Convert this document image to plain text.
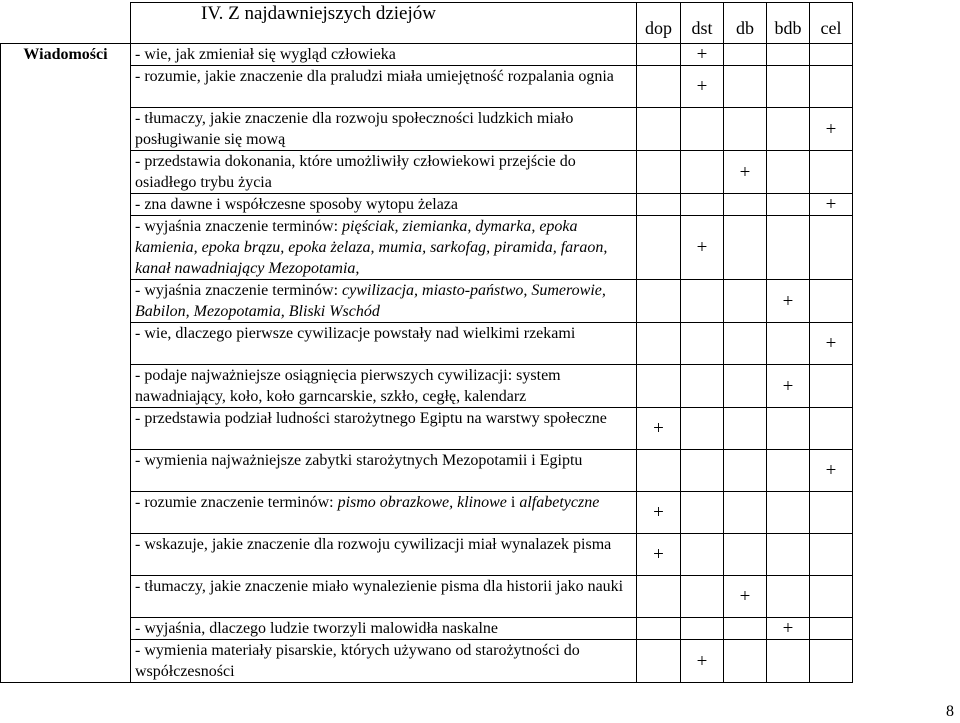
	IV. Z najdawniejszych dziejów	dop	dst	db	bdb	cel
Wiadomości	- wie, jak zmieniał się wygląd człowieka		+			
	- rozumie, jakie znaczenie dla praludzi miała umiejętność rozpalania ognia		+			
	- tłumaczy, jakie znaczenie dla rozwoju społeczności ludzkich miało posługiwanie się mową					+
	- przedstawia dokonania, które umożliwiły człowiekowi przejście do osiadłego trybu życia			+		
	- zna dawne i współczesne sposoby wytopu żelaza					+
	- wyjaśnia znaczenie terminów: pięściak, ziemianka, dymarka, epoka kamienia, epoka brązu, epoka żelaza, mumia, sarkofag, piramida, faraon, kanał nawadniający Mezopotamia,		+			
	- wyjaśnia znaczenie terminów: cywilizacja, miasto-państwo, Sumerowie, Babilon, Mezopotamia, Bliski Wschód				+	
	- wie, dlaczego pierwsze cywilizacje powstały nad wielkimi rzekami					+
	- podaje najważniejsze osiągnięcia pierwszych cywilizacji: system nawadniający, koło, koło garncarskie, szkło, cegłę, kalendarz				+	
	- przedstawia podział ludności starożytnego Egiptu na warstwy społeczne	+				
	- wymienia najważniejsze zabytki starożytnych Mezopotamii i Egiptu					+
	- rozumie znaczenie terminów: pismo obrazkowe, klinowe i alfabetyczne	+				
	- wskazuje, jakie znaczenie dla rozwoju cywilizacji miał wynalazek pisma	+				
	- tłumaczy, jakie znaczenie miało wynalezienie pisma dla historii jako nauki			+		
	- wyjaśnia, dlaczego ludzie tworzyli malowidła naskalne				+	
	- wymienia materiały pisarskie, których używano od starożytności do współczesności		+			
8
